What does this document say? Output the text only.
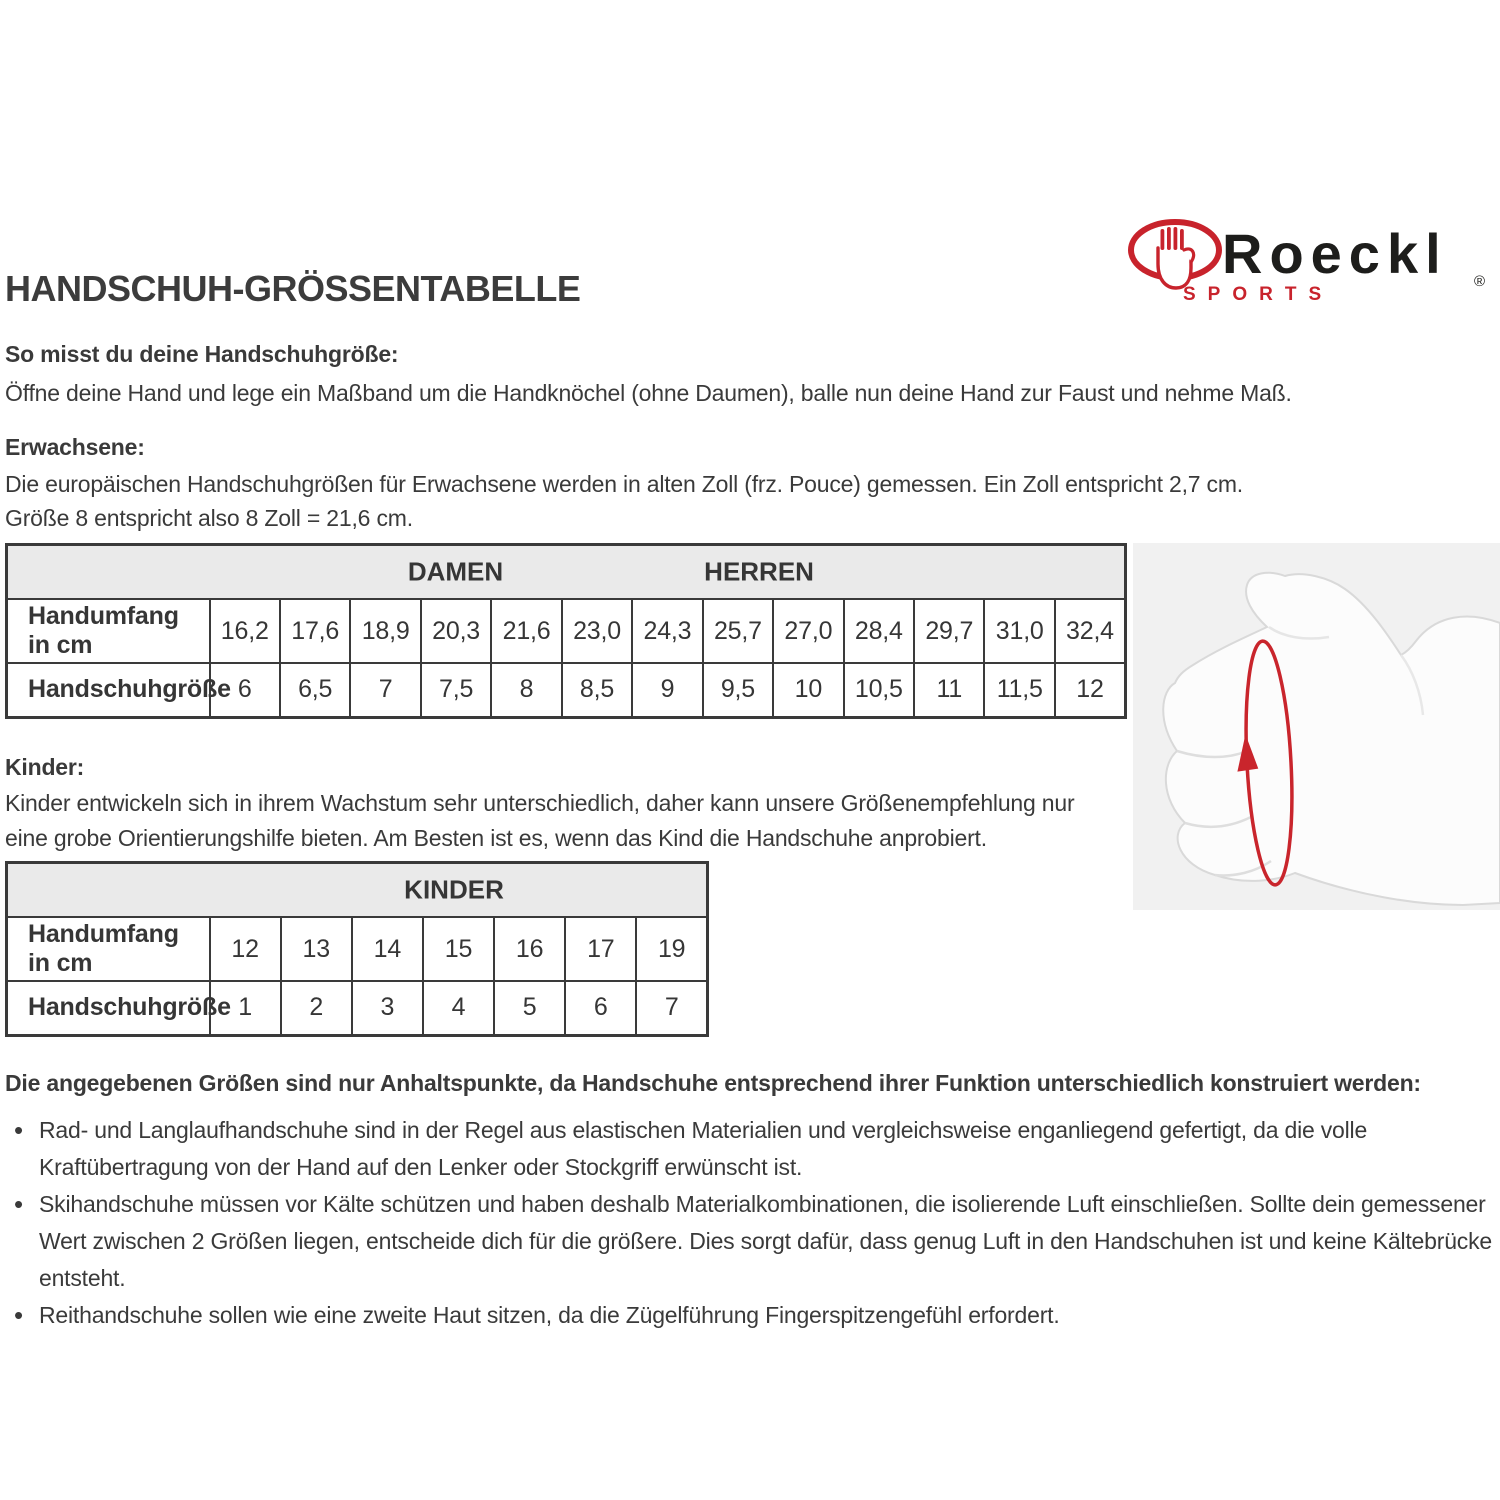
HANDSCHUH-GRÖSSENTABELLE
Roeckl ®
SPORTS
So misst du deine Handschuhgröße:
Öffne deine Hand und lege ein Maßband um die Handknöchel (ohne Daumen), balle nun deine Hand zur Faust und nehme Maß.
Erwachsene:
Die europäischen Handschuhgrößen für Erwachsene werden in alten Zoll (frz. Pouce) gemessen. Ein Zoll entspricht 2,7 cm.
Größe 8 entspricht also 8 Zoll = 21,6 cm.
DAMEN HERREN													

Handumfang
in cm	16,2	17,6	18,9	20,3	21,6	23,0	24,3	25,7	27,0	28,4	29,7	31,0	32,4
Handschuhgröße	6	6,5	7	7,5	8	8,5	9	9,5	10	10,5	11	11,5	12
Kinder:
Kinder entwickeln sich in ihrem Wachstum sehr unterschiedlich, daher kann unsere Größenempfehlung nur eine grobe Orientierungshilfe bieten. Am Besten ist es, wenn das Kind die Handschuhe anprobiert.
KINDER							

Handumfang
in cm	12	13	14	15	16	17	19
Handschuhgröße	1	2	3	4	5	6	7
Die angegebenen Größen sind nur Anhaltspunkte, da Handschuhe entsprechend ihrer Funktion unterschiedlich konstruiert werden:
• Rad- und Langlaufhandschuhe sind in der Regel aus elastischen Materialien und vergleichsweise enganliegend gefertigt, da die volle Kraftübertragung von der Hand auf den Lenker oder Stockgriff erwünscht ist.
• Skihandschuhe müssen vor Kälte schützen und haben deshalb Materialkombinationen, die isolierende Luft einschließen. Sollte dein gemessener Wert zwischen 2 Größen liegen, entscheide dich für die größere. Dies sorgt dafür, dass genug Luft in den Handschuhen ist und keine Kältebrücke entsteht.
• Reithandschuhe sollen wie eine zweite Haut sitzen, da die Zügelführung Fingerspitzengefühl erfordert.
